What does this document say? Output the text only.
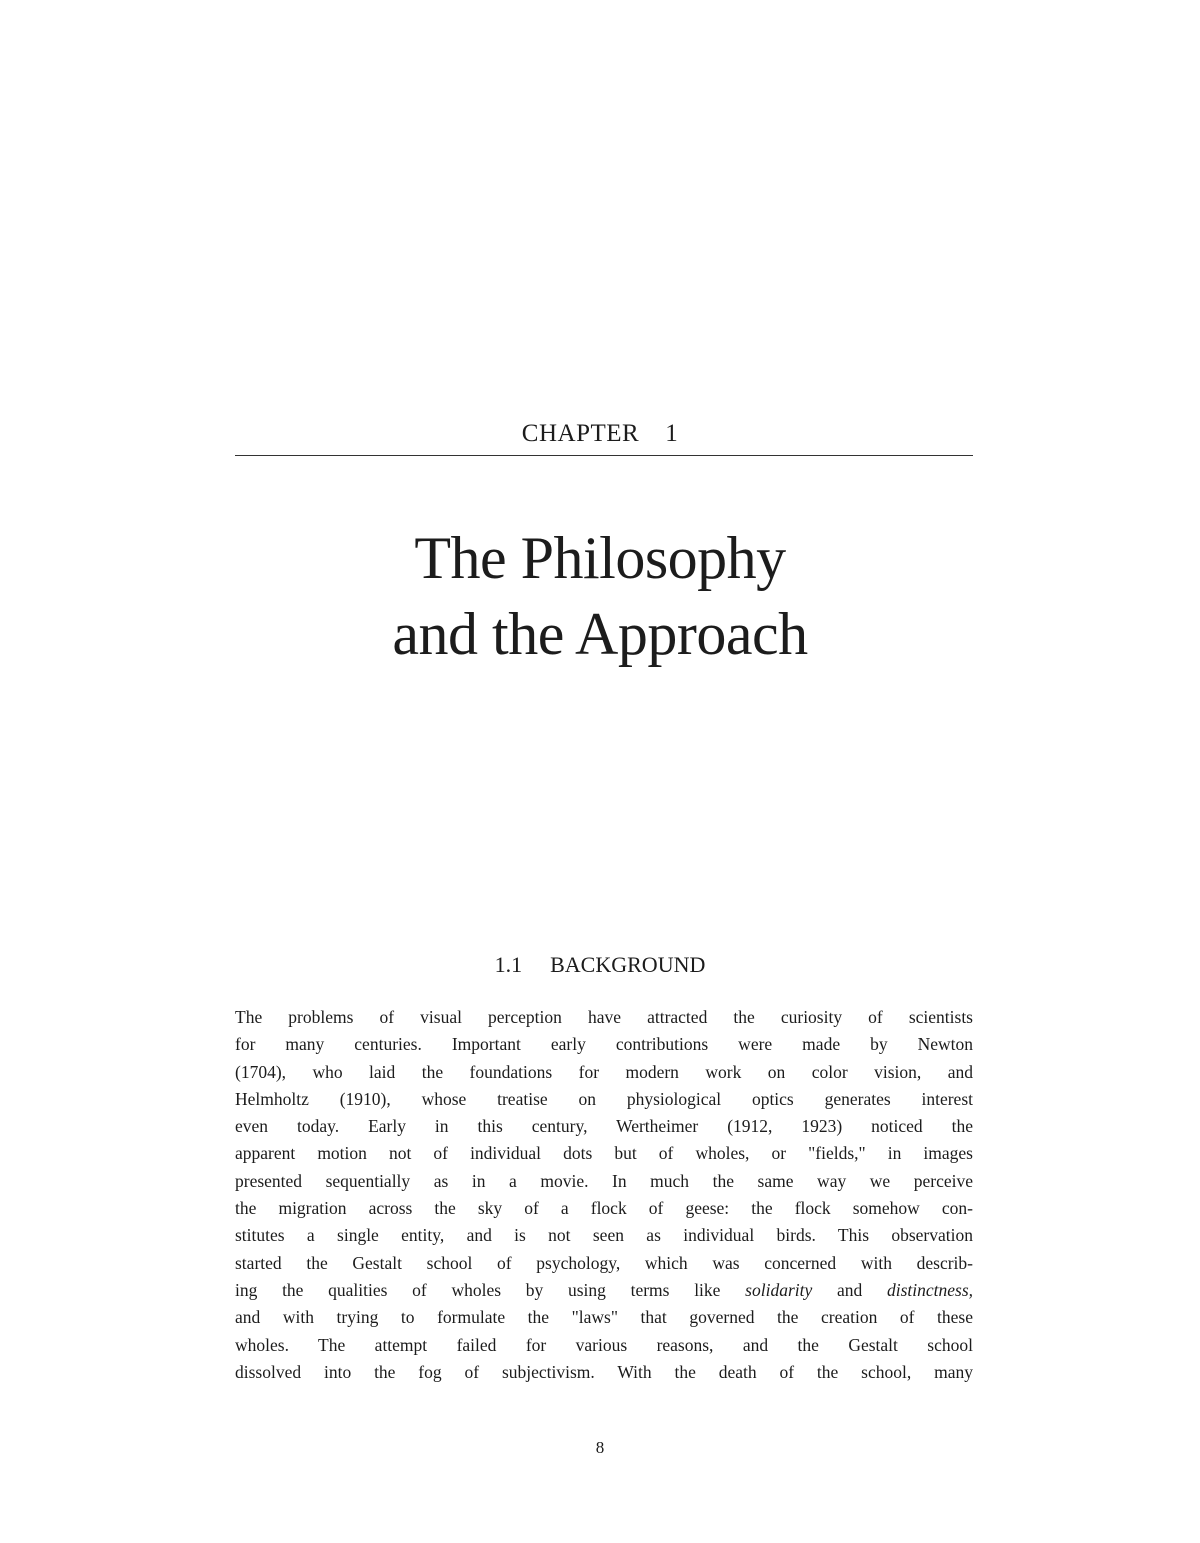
CHAPTER 1
The Philosophy
and the Approach
1.1 BACKGROUND
The problems of visual perception have attracted the curiosity of scientists
for many centuries. Important early contributions were made by Newton
(1704), who laid the foundations for modern work on color vision, and
Helmholtz (1910), whose treatise on physiological optics generates interest
even today. Early in this century, Wertheimer (1912, 1923) noticed the
apparent motion not of individual dots but of wholes, or "fields," in images
presented sequentially as in a movie. In much the same way we perceive
the migration across the sky of a flock of geese: the flock somehow con-
stitutes a single entity, and is not seen as individual birds. This observation
started the Gestalt school of psychology, which was concerned with describ-
ing the qualities of wholes by using terms like solidarity and distinctness,
and with trying to formulate the "laws" that governed the creation of these
wholes. The attempt failed for various reasons, and the Gestalt school
dissolved into the fog of subjectivism. With the death of the school, many
8
